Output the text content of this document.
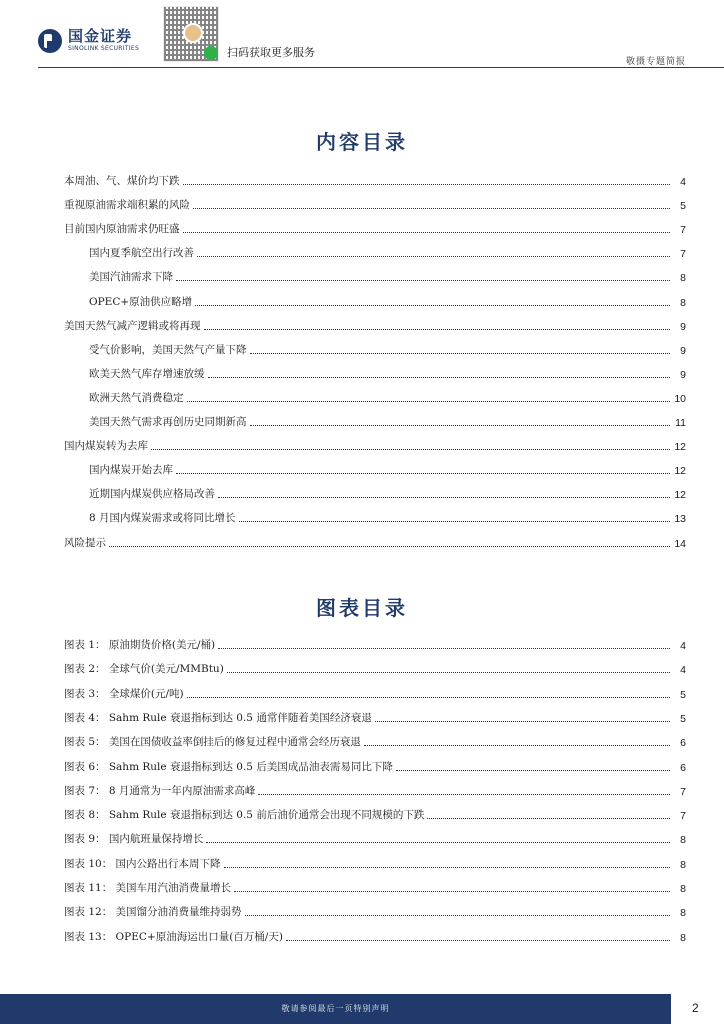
国金证券
SINOLINK SECURITIES	扫码获取更多服务
敬摄专题简报
内容目录
本周油、气、煤价均下跌	4
重视原油需求端积累的风险	5
目前国内原油需求仍旺盛	7
国内夏季航空出行改善	7
美国汽油需求下降	8
OPEC+原油供应略增	8
美国天然气减产逻辑或将再现	9
受气价影响，美国天然气产量下降	9
欧美天然气库存增速放缓	9
欧洲天然气消费稳定	10
美国天然气需求再创历史同期新高	11
国内煤炭转为去库	12
国内煤炭开始去库	12
近期国内煤炭供应格局改善	12
8 月国内煤炭需求或将同比增长	13
风险提示	14
图表目录
图表 1： 原油期货价格(美元/桶)	4
图表 2： 全球气价(美元/MMBtu)	4
图表 3： 全球煤价(元/吨)	5
图表 4： Sahm Rule 衰退指标到达 0.5 通常伴随着美国经济衰退	5
图表 5： 美国在国债收益率倒挂后的修复过程中通常会经历衰退	6
图表 6： Sahm Rule 衰退指标到达 0.5 后美国成品油表需易同比下降	6
图表 7： 8 月通常为一年内原油需求高峰	7
图表 8： Sahm Rule 衰退指标到达 0.5 前后油价通常会出现不同规模的下跌	7
图表 9： 国内航班量保持增长	8
图表 10： 国内公路出行本周下降	8
图表 11： 美国车用汽油消费量增长	8
图表 12： 美国馏分油消费量维持弱势	8
图表 13： OPEC+原油海运出口量(百万桶/天)	8
敬请参阅最后一页特别声明	2
